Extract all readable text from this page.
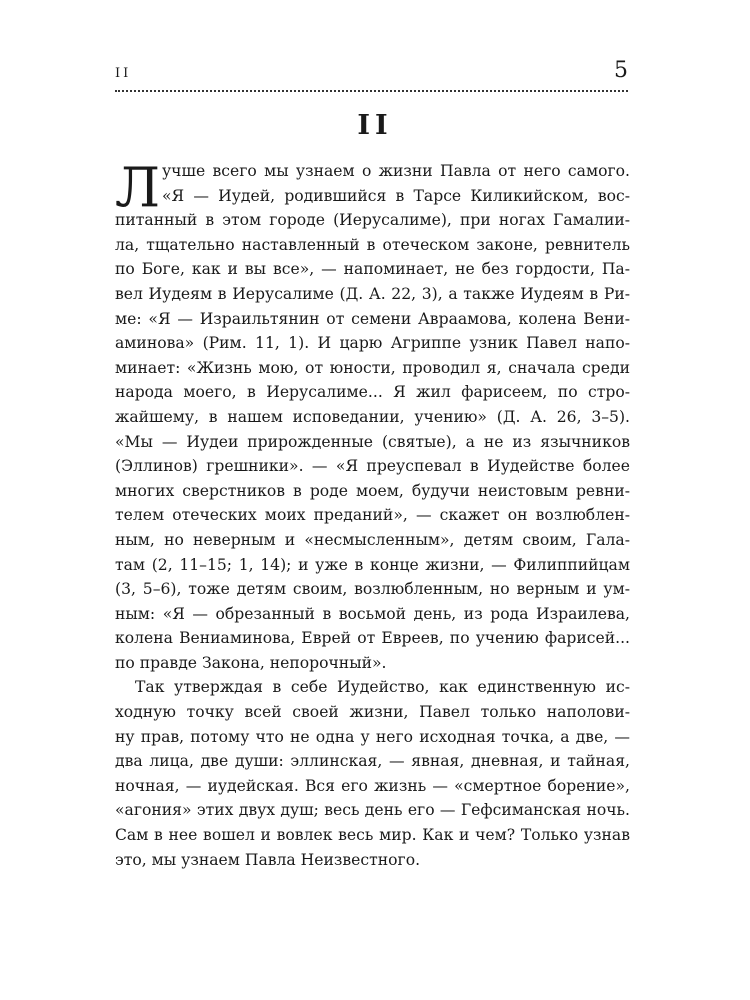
II	5
II
Л учше всего мы узнаем о жизни Павла от него самого.
«Я — Иудей, родившийся в Тарсе Киликийском, вос-
питанный в этом городе (Иерусалиме), при ногах Гамалии-
ла, тщательно наставленный в отеческом законе, ревнитель
по Боге, как и вы все», — напоминает, не без гордости, Па-
вел Иудеям в Иерусалиме (Д. А. 22, 3), а также Иудеям в Ри-
ме: «Я — Израильтянин от семени Авраамова, колена Вени-
аминова» (Рим. 11, 1). И царю Агриппе узник Павел напо-
минает: «Жизнь мою, от юности, проводил я, сначала среди
народа моего, в Иерусалиме... Я жил фарисеем, по стро-
жайшему, в нашем исповедании, учению» (Д. А. 26, 3–5).
«Мы — Иудеи прирожденные (святые), а не из язычников
(Эллинов) грешники». — «Я преуспевал в Иудействе более
многих сверстников в роде моем, будучи неистовым ревни-
телем отеческих моих преданий», — скажет он возлюблен-
ным, но неверным и «несмысленным», детям своим, Гала-
там (2, 11–15; 1, 14); и уже в конце жизни, — Филиппийцам
(3, 5–6), тоже детям своим, возлюбленным, но верным и ум-
ным: «Я — обрезанный в восьмой день, из рода Израилева,
колена Вениаминова, Еврей от Евреев, по учению фарисей...
по правде Закона, непорочный».
Так утверждая в себе Иудейство, как единственную ис-
ходную точку всей своей жизни, Павел только наполови-
ну прав, потому что не одна у него исходная точка, а две, —
два лица, две души: эллинская, — явная, дневная, и тайная,
ночная, — иудейская. Вся его жизнь — «смертное борение»,
«агония» этих двух душ; весь день его — Гефсиманская ночь.
Сам в нее вошел и вовлек весь мир. Как и чем? Только узнав
это, мы узнаем Павла Неизвестного.
